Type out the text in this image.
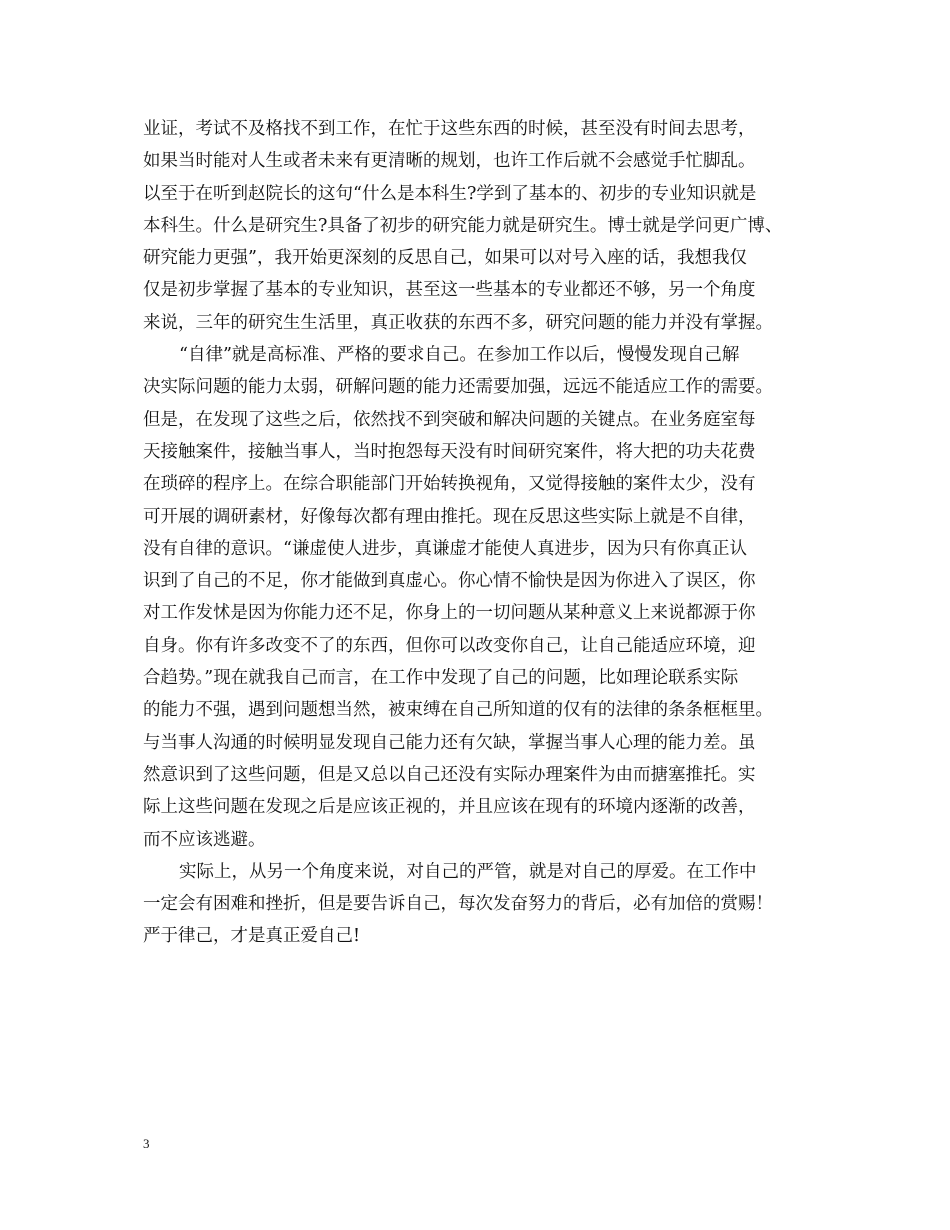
业证，考试不及格找不到工作，在忙于这些东西的时候，甚至没有时间去思考，
如果当时能对人生或者未来有更清晰的规划，也许工作后就不会感觉手忙脚乱。
以至于在听到赵院长的这句“什么是本科生?学到了基本的、初步的专业知识就是
本科生。什么是研究生?具备了初步的研究能力就是研究生。博士就是学问更广博、
研究能力更强”，我开始更深刻的反思自己，如果可以对号入座的话，我想我仅
仅是初步掌握了基本的专业知识，甚至这一些基本的专业都还不够，另一个角度
来说，三年的研究生生活里，真正收获的东西不多，研究问题的能力并没有掌握。
“自律”就是高标准、严格的要求自己。在参加工作以后，慢慢发现自己解
决实际问题的能力太弱，研解问题的能力还需要加强，远远不能适应工作的需要。
但是，在发现了这些之后，依然找不到突破和解决问题的关键点。在业务庭室每
天接触案件，接触当事人，当时抱怨每天没有时间研究案件，将大把的功夫花费
在琐碎的程序上。在综合职能部门开始转换视角，又觉得接触的案件太少，没有
可开展的调研素材，好像每次都有理由推托。现在反思这些实际上就是不自律，
没有自律的意识。“谦虚使人进步，真谦虚才能使人真进步，因为只有你真正认
识到了自己的不足，你才能做到真虚心。你心情不愉快是因为你进入了误区，你
对工作发怵是因为你能力还不足，你身上的一切问题从某种意义上来说都源于你
自身。你有许多改变不了的东西，但你可以改变你自己，让自己能适应环境，迎
合趋势。”现在就我自己而言，在工作中发现了自己的问题，比如理论联系实际
的能力不强，遇到问题想当然，被束缚在自己所知道的仅有的法律的条条框框里。
与当事人沟通的时候明显发现自己能力还有欠缺，掌握当事人心理的能力差。虽
然意识到了这些问题，但是又总以自己还没有实际办理案件为由而搪塞推托。实
际上这些问题在发现之后是应该正视的，并且应该在现有的环境内逐渐的改善，
而不应该逃避。
实际上，从另一个角度来说，对自己的严管，就是对自己的厚爱。在工作中
一定会有困难和挫折，但是要告诉自己，每次发奋努力的背后，必有加倍的赏赐！
严于律己，才是真正爱自己!
3
